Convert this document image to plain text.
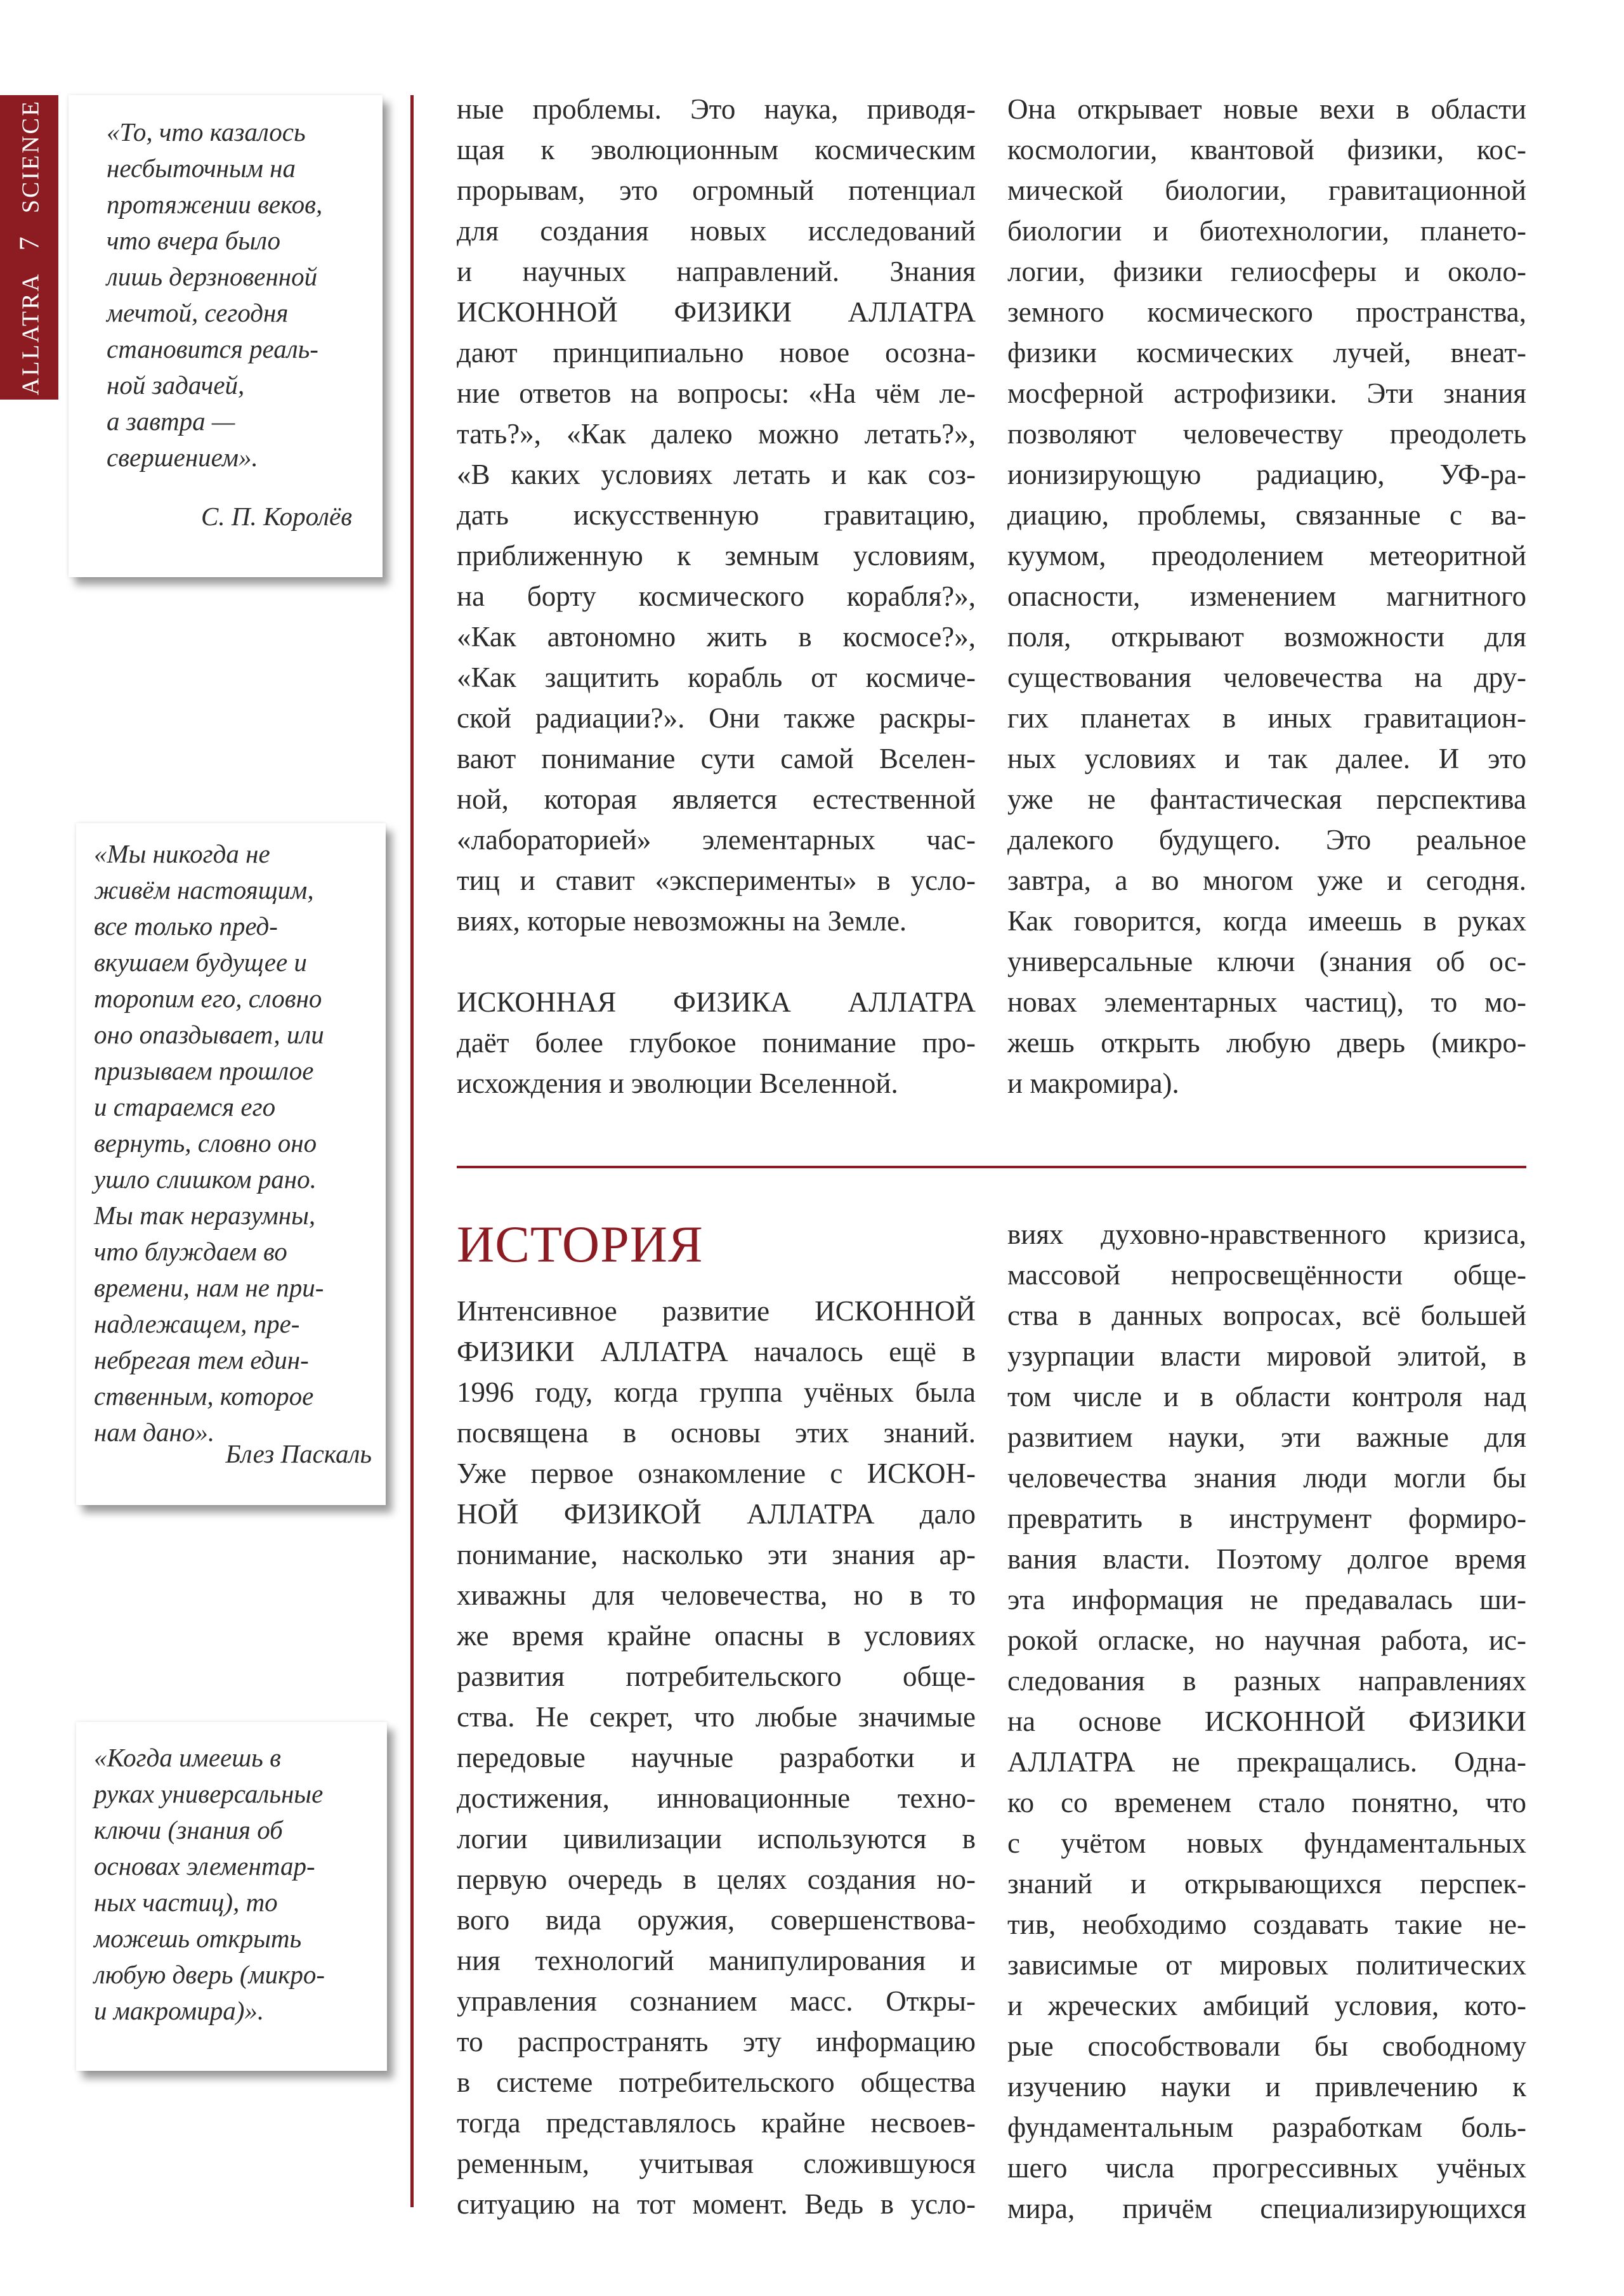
ALLATRA7SCIENCE «То, что казалось
несбыточным на
протяжении веков,
что вчера было
лишь дерзновенной
мечтой, сегодня
становится реаль-
ной задачей,
а завтра —
свершением».
С. П. Королёв
«Мы никогда не
живём настоящим,
все только пред-
вкушаем будущее и
торопим его, словно
оно опаздывает, или
призываем прошлое
и стараемся его
вернуть, словно оно
ушло слишком рано.
Мы так неразумны,
что блуждаем во
времени, нам не при-
надлежащем, пре-
небрегая тем един-
ственным, которое
нам дано».
Блез Паскаль
«Когда имеешь в
руках универсальные
ключи (знания об
основах элементар-
ных частиц), то
можешь открыть
любую дверь (микро-
и макромира)».
ные проблемы. Это наука, приводя-
щая к эволюционным космическим
прорывам, это огромный потенциал
для создания новых исследований
и научных направлений. Знания
ИСКОННОЙ ФИЗИКИ АЛЛАТРА
дают принципиально новое осозна-
ние ответов на вопросы: «На чём ле-
тать?», «Как далеко можно летать?»,
«В каких условиях летать и как соз-
дать искусственную гравитацию,
приближенную к земным условиям,
на борту космического корабля?»,
«Как автономно жить в космосе?»,
«Как защитить корабль от космиче-
ской радиации?». Они также раскры-
вают понимание сути самой Вселен-
ной, которая является естественной
«лабораторией» элементарных час-
тиц и ставит «эксперименты» в усло-
виях, которые невозможны на Земле.
ИСКОННАЯ ФИЗИКА АЛЛАТРА
даёт более глубокое понимание про-
исхождения и эволюции Вселенной.
Она открывает новые вехи в области
космологии, квантовой физики, кос-
мической биологии, гравитационной
биологии и биотехнологии, плането-
логии, физики гелиосферы и около-
земного космического пространства,
физики космических лучей, внеат-
мосферной астрофизики. Эти знания
позволяют человечеству преодолеть
ионизирующую радиацию, УФ-ра-
диацию, проблемы, связанные с ва-
куумом, преодолением метеоритной
опасности, изменением магнитного
поля, открывают возможности для
существования человечества на дру-
гих планетах в иных гравитацион-
ных условиях и так далее. И это
уже не фантастическая перспектива
далекого будущего. Это реальное
завтра, а во многом уже и сегодня.
Как говорится, когда имеешь в руках
универсальные ключи (знания об ос-
новах элементарных частиц), то мо-
жешь открыть любую дверь (микро-
и макромира).
ИСТОРИЯ
Интенсивное развитие ИСКОННОЙ
ФИЗИКИ АЛЛАТРА началось ещё в
1996 году, когда группа учёных была
посвящена в основы этих знаний.
Уже первое ознакомление с ИСКОН-
НОЙ ФИЗИКОЙ АЛЛАТРА дало
понимание, насколько эти знания ар-
хиважны для человечества, но в то
же время крайне опасны в условиях
развития потребительского обще-
ства. Не секрет, что любые значимые
передовые научные разработки и
достижения, инновационные техно-
логии цивилизации используются в
первую очередь в целях создания но-
вого вида оружия, совершенствова-
ния технологий манипулирования и
управления сознанием масс. Откры-
то распространять эту информацию
в системе потребительского общества
тогда представлялось крайне несвоев-
ременным, учитывая сложившуюся
ситуацию на тот момент. Ведь в усло-
виях духовно-нравственного кризиса,
массовой непросвещённости обще-
ства в данных вопросах, всё большей
узурпации власти мировой элитой, в
том числе и в области контроля над
развитием науки, эти важные для
человечества знания люди могли бы
превратить в инструмент формиро-
вания власти. Поэтому долгое время
эта информация не предавалась ши-
рокой огласке, но научная работа, ис-
следования в разных направлениях
на основе ИСКОННОЙ ФИЗИКИ
АЛЛАТРА не прекращались. Одна-
ко со временем стало понятно, что
с учётом новых фундаментальных
знаний и открывающихся перспек-
тив, необходимо создавать такие не-
зависимые от мировых политических
и жреческих амбиций условия, кото-
рые способствовали бы свободному
изучению науки и привлечению к
фундаментальным разработкам боль-
шего числа прогрессивных учёных
мира, причём специализирующихся
